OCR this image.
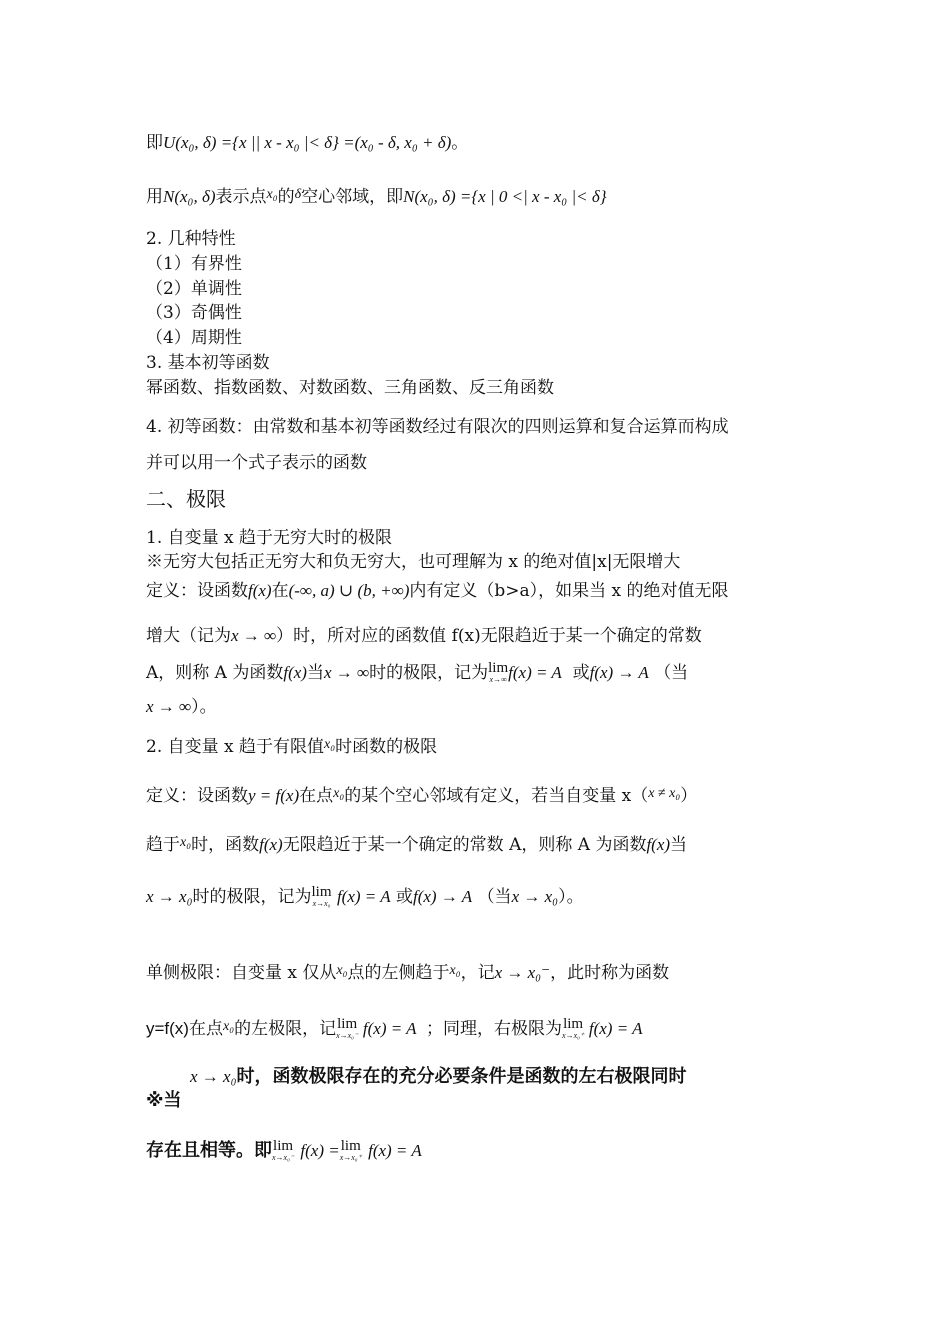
即U(x₀, δ) ={x || x - x₀ |< δ} =(x₀ - δ, x₀ + δ)。
用N(x₀, δ)表示点$^{x_0}$的$^\delta$空心邻域，即N(x₀, δ) ={x | 0 <| x - x₀ |< δ}
2. 几种特性
（1）有界性
（2）单调性
（3）奇偶性
（4）周期性
3. 基本初等函数
幂函数、指数函数、对数函数、三角函数、反三角函数
4. 初等函数：由常数和基本初等函数经过有限次的四则运算和复合运算而构成
并可以用一个式子表示的函数
二、极限
1. 自变量 x 趋于无穷大时的极限
※无穷大包括正无穷大和负无穷大，也可理解为 x 的绝对值|x|无限增大
定义：设函数f(x)在(-∞, a) ∪ (b, +∞)内有定义（b>a），如果当 x 的绝对值无限
增大（记为x → ∞）时，所对应的函数值 f(x)无限趋近于某一个确定的常数
A，则称 A 为函数f(x)当x → ∞时的极限，记为 lim
x→∞ f(x) = A 或f(x) → A （当
x → ∞）。
2. 自变量 x 趋于有限值$^{x_0}$时函数的极限
定义：设函数y = f(x)在点$^{x_0}$的某个空心邻域有定义，若当自变量 x（$^{x \ne x_0}$）
趋于$^{x_0}$时，函数f(x)无限趋近于某一个确定的常数 A，则称 A 为函数f(x)当
x → x₀时的极限，记为 lim
x→x₀ f(x) = A 或f(x) → A （当x → x₀）。
单侧极限：自变量 x 仅从$^{x_0}$点的左侧趋于$^{x_0}$，记x → x₀⁻，此时称为函数
y=f(x)在点$^{x_0}$的左极限，记 lim
x→x₀⁻ f(x) = A ；同理，右极限为 lim
x→x₀⁺ f(x) = A
x → x₀时，函数极限存在的充分必要条件是函数的左右极限同时
※当
存在且相等。即 lim
x→x₀⁻ f(x) = lim
x→x₀⁺ f(x) = A
